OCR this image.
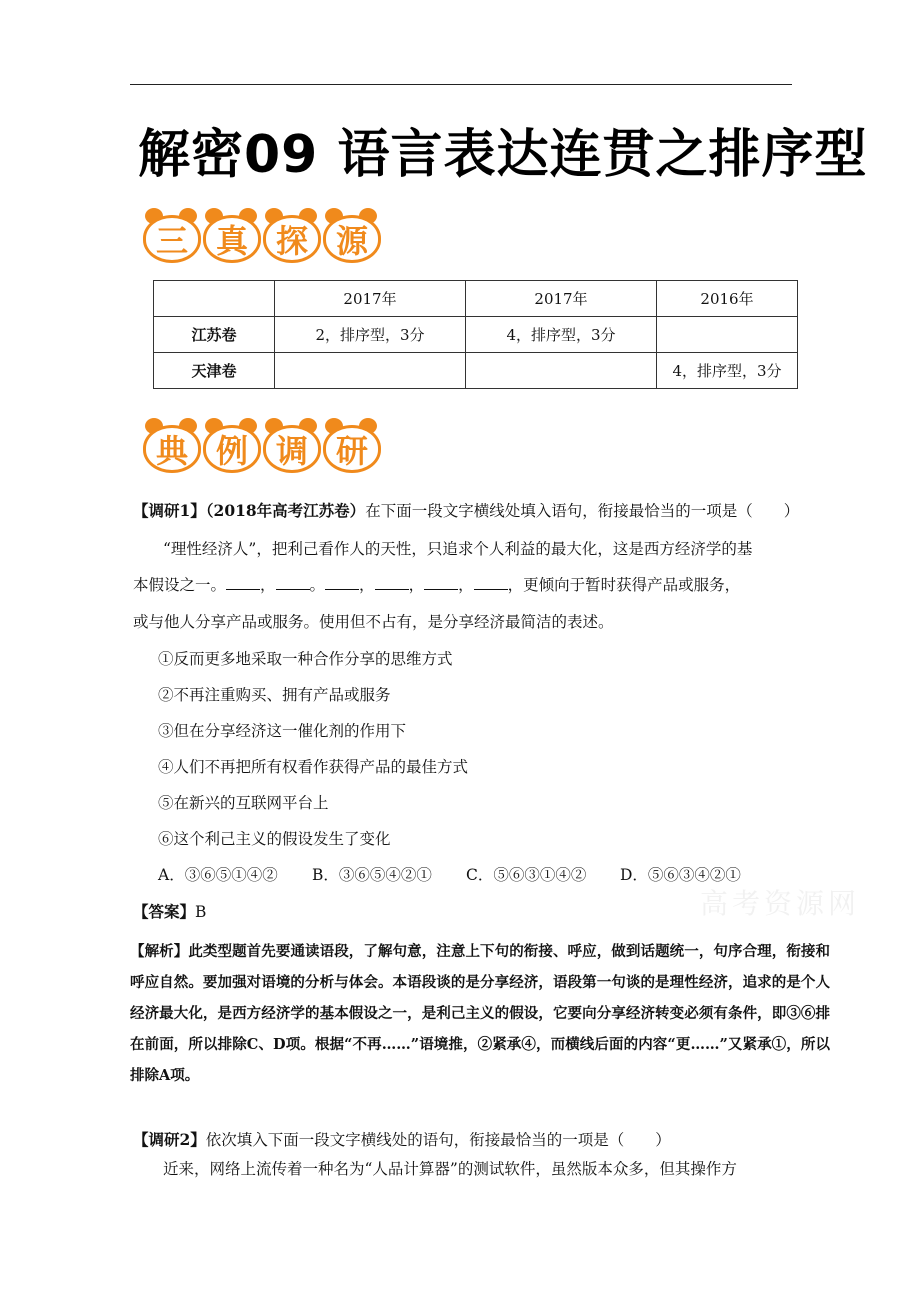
解密09 语言表达连贯之排序型
三 真 探 源
	2017年	2017年	2016年
江苏卷	2，排序型，3分	4，排序型，3分	
天津卷			4，排序型，3分
典 例 调 研
【调研1】（2018年高考江苏卷）在下面一段文字横线处填入语句，衔接最恰当的一项是（　　）
“理性经济人”，把利己看作人的天性，只追求个人利益的最大化，这是西方经济学的基
本假设之一。 ， 。 ， ， ， ，更倾向于暂时获得产品或服务，
或与他人分享产品或服务。使用但不占有，是分享经济最简洁的表述。
①反而更多地采取一种合作分享的思维方式
②不再注重购买、拥有产品或服务
③但在分享经济这一催化剂的作用下
④人们不再把所有权看作获得产品的最佳方式
⑤在新兴的互联网平台上
⑥这个利己主义的假设发生了变化
A．③⑥⑤①④② B．③⑥⑤④②① C．⑤⑥③①④② D．⑤⑥③④②①
高考资源网
【答案】B
【解析】此类型题首先要通读语段，了解句意，注意上下句的衔接、呼应，做到话题统一，句序合理，衔接和呼应自然。要加强对语境的分析与体会。本语段谈的是分享经济，语段第一句谈的是理性经济，追求的是个人经济最大化，是西方经济学的基本假设之一，是利己主义的假设，它要向分享经济转变必须有条件，即③⑥排在前面，所以排除C、D项。根据“不再……”语境推，②紧承④，而横线后面的内容“更……”又紧承①，所以排除A项。
【调研2】依次填入下面一段文字横线处的语句，衔接最恰当的一项是（　　）
近来，网络上流传着一种名为“人品计算器”的测试软件，虽然版本众多，但其操作方
